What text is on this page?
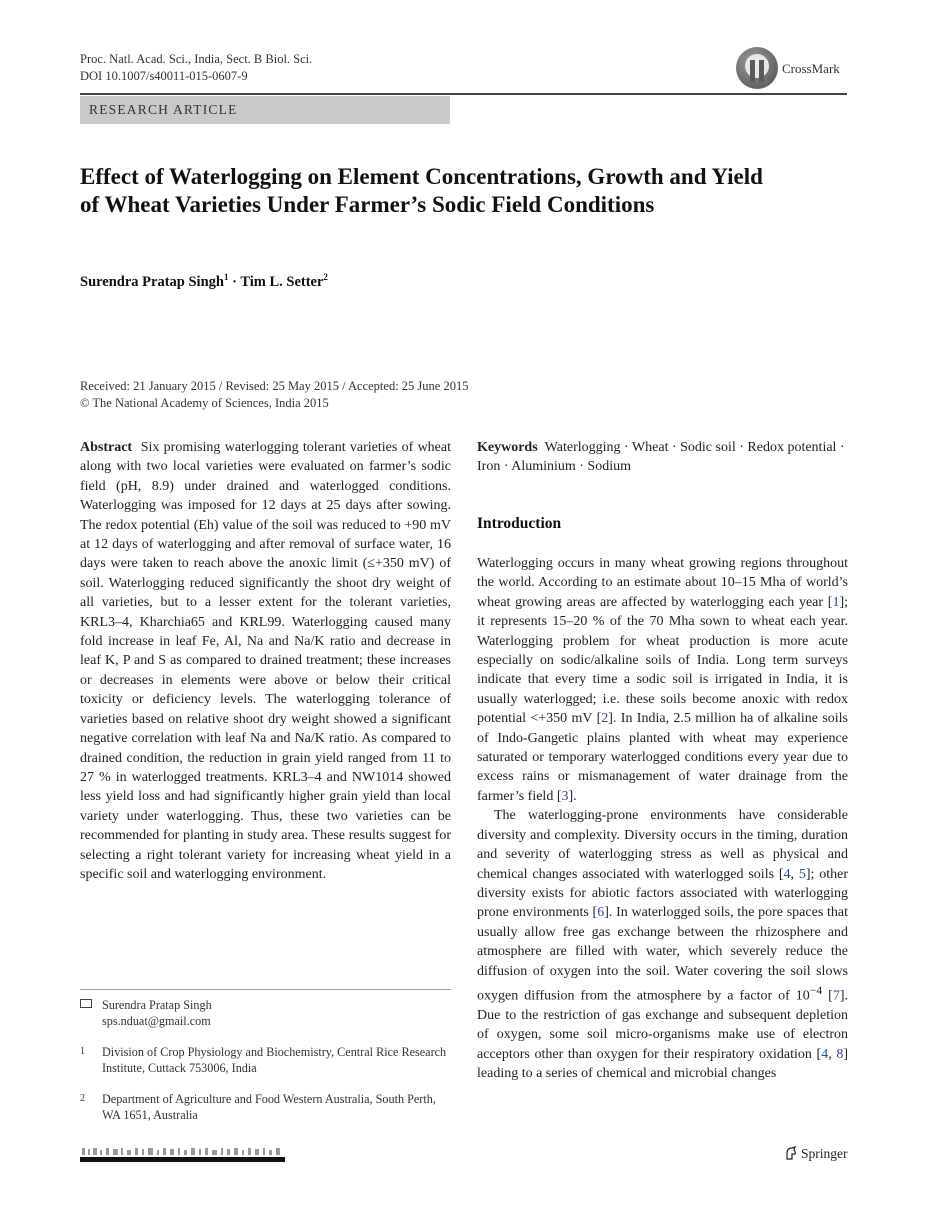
Proc. Natl. Acad. Sci., India, Sect. B Biol. Sci.
DOI 10.1007/s40011-015-0607-9	CrossMark
RESEARCH ARTICLE
Effect of Waterlogging on Element Concentrations, Growth and Yield of Wheat Varieties Under Farmer’s Sodic Field Conditions
Surendra Pratap Singh$^1$ · Tim L. Setter$^2$
Received: 21 January 2015 / Revised: 25 May 2015 / Accepted: 25 June 2015
© The National Academy of Sciences, India 2015
Abstract Six promising waterlogging tolerant varieties of wheat along with two local varieties were evaluated on farmer’s sodic field (pH, 8.9) under drained and waterlogged conditions. Waterlogging was imposed for 12 days at 25 days after sowing. The redox potential (Eh) value of the soil was reduced to +90 mV at 12 days of waterlogging and after removal of surface water, 16 days were taken to reach above the anoxic limit (≤+350 mV) of soil. Waterlogging reduced significantly the shoot dry weight of all varieties, but to a lesser extent for the tolerant varieties, KRL3–4, Kharchia65 and KRL99. Waterlogging caused many fold increase in leaf Fe, Al, Na and Na/K ratio and decrease in leaf K, P and S as compared to drained treatment; these increases or decreases in elements were above or below their critical toxicity or deficiency levels. The waterlogging tolerance of varieties based on relative shoot dry weight showed a significant negative correlation with leaf Na and Na/K ratio. As compared to drained condition, the reduction in grain yield ranged from 11 to 27 % in waterlogged treatments. KRL3–4 and NW1014 showed less yield loss and had significantly higher grain yield than local variety under waterlogging. Thus, these two varieties can be recommended for planting in study area. These results suggest for selecting a right tolerant variety for increasing wheat yield in a specific soil and waterlogging environment.
Keywords Waterlogging · Wheat · Sodic soil · Redox potential · Iron · Aluminium · Sodium
Introduction

Waterlogging occurs in many wheat growing regions throughout the world. According to an estimate about 10–15 Mha of world’s wheat growing areas are affected by waterlogging each year [1]; it represents 15–20 % of the 70 Mha sown to wheat each year. Waterlogging problem for wheat production is more acute especially on sodic/alkaline soils of India. Long term surveys indicate that every time a sodic soil is irrigated in India, it is usually waterlogged; i.e. these soils become anoxic with redox potential <+350 mV [2]. In India, 2.5 million ha of alkaline soils of Indo-Gangetic plains planted with wheat may experience saturated or temporary waterlogged conditions every year due to excess rains or mismanagement of water drainage from the farmer’s field [3].

The waterlogging-prone environments have considerable diversity and complexity. Diversity occurs in the timing, duration and severity of waterlogging stress as well as physical and chemical changes associated with waterlogged soils [4, 5]; other diversity exists for abiotic factors associated with waterlogging prone environments [6]. In waterlogged soils, the pore spaces that usually allow free gas exchange between the rhizosphere and atmosphere are filled with water, which severely reduce the diffusion of oxygen into the soil. Water covering the soil slows oxygen diffusion from the atmosphere by a factor of $10^{-4}$ [7]. Due to the restriction of gas exchange and subsequent depletion of oxygen, some soil micro-organisms make use of electron acceptors other than oxygen for their respiratory oxidation [4, 8] leading to a series of chemical and microbial changes

Surendra Pratap Singh
sps.nduat@gmail.com
1 Division of Crop Physiology and Biochemistry, Central Rice Research Institute, Cuttack 753006, India
2 Department of Agriculture and Food Western Australia, South Perth, WA 1651, Australia
Springer
